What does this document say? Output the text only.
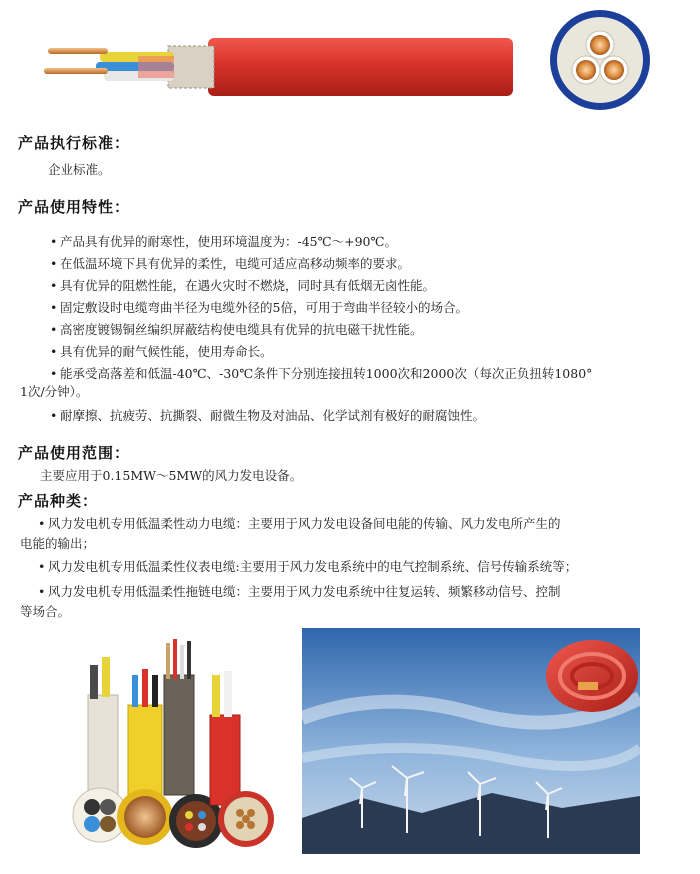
产品执行标准：
企业标准。
产品使用特性：
• 产品具有优异的耐寒性，使用环境温度为：-45℃～+90℃。
• 在低温环境下具有优异的柔性，电缆可适应高移动频率的要求。
• 具有优异的阻燃性能，在遇火灾时不燃烧，同时具有低烟无卤性能。
• 固定敷设时电缆弯曲半径为电缆外径的5倍，可用于弯曲半径较小的场合。
• 高密度镀锡铜丝编织屏蔽结构使电缆具有优异的抗电磁干扰性能。
• 具有优异的耐气候性能，使用寿命长。
• 能承受高落差和低温-40℃、-30℃条件下分别连接扭转1000次和2000次（每次正负扭转1080°
1次/分钟）。
• 耐摩擦、抗疲劳、抗撕裂、耐微生物及对油品、化学试剂有极好的耐腐蚀性。
产品使用范围：
主要应用于0.15MW～5MW的风力发电设备。
产品种类：
• 风力发电机专用低温柔性动力电缆：主要用于风力发电设备间电能的传输、风力发电所产生的
电能的输出；
• 风力发电机专用低温柔性仪表电缆:主要用于风力发电系统中的电气控制系统、信号传输系统等；
• 风力发电机专用低温柔性拖链电缆：主要用于风力发电系统中往复运转、频繁移动信号、控制
等场合。
